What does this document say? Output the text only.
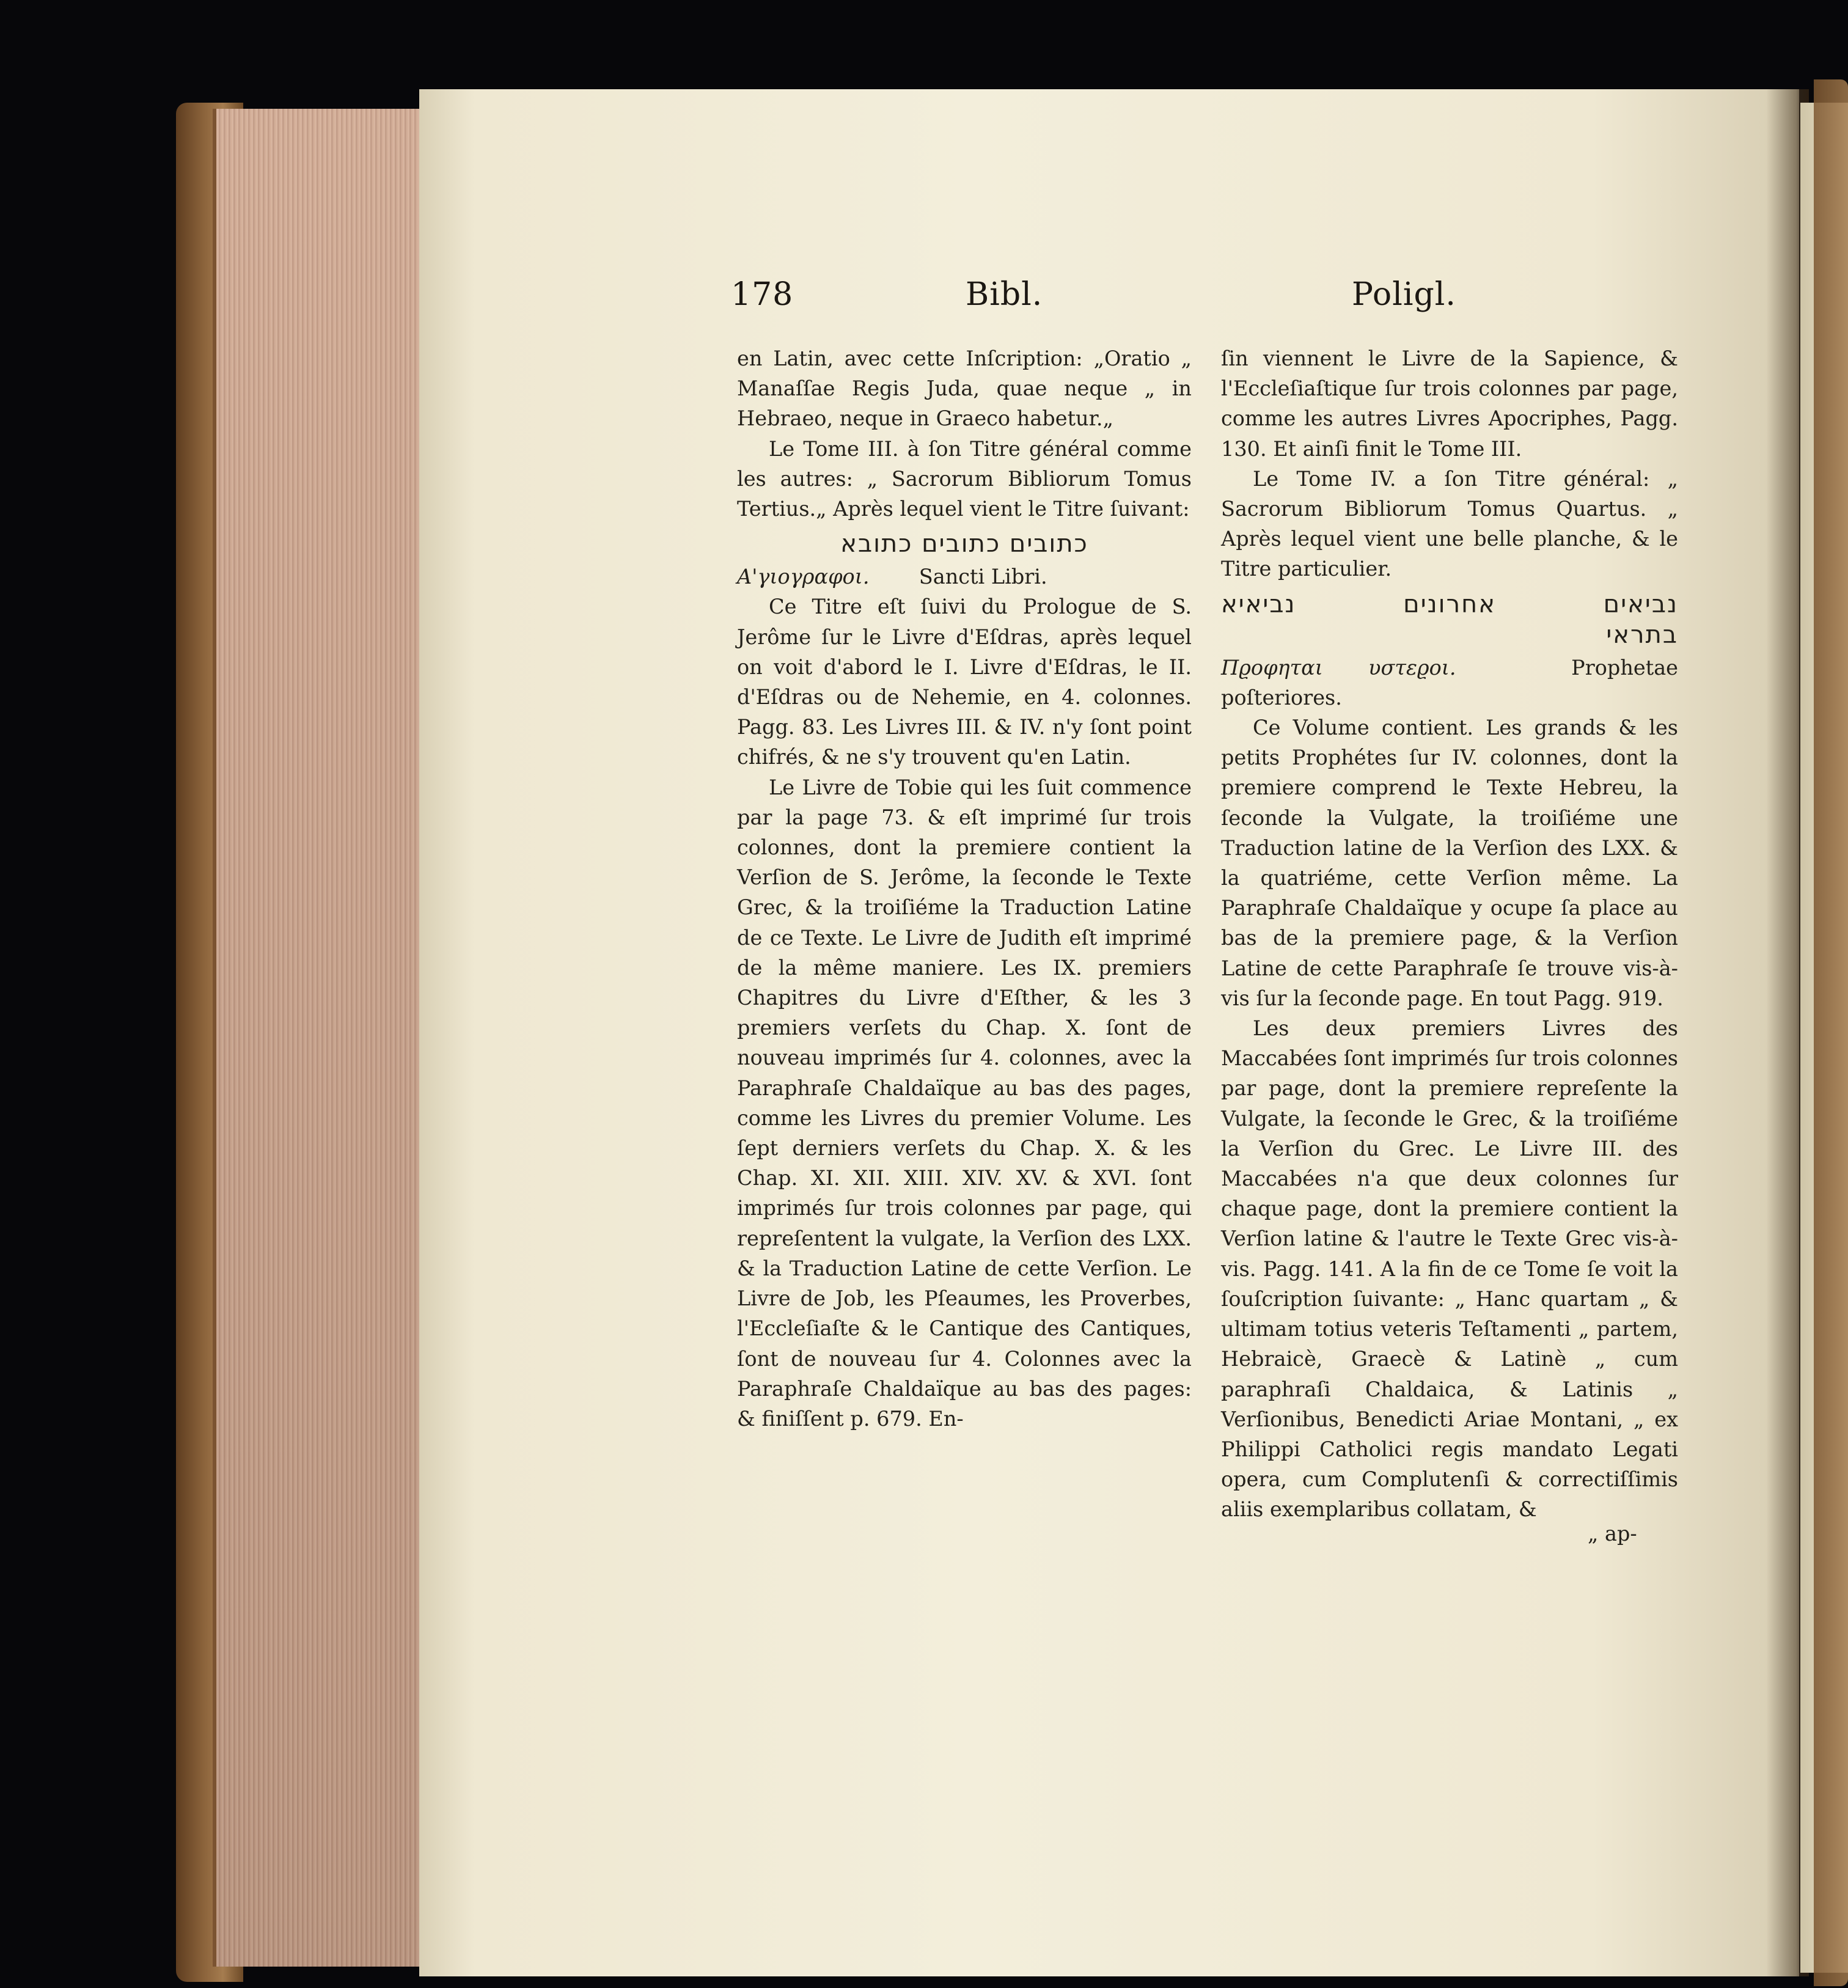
178	Bibl.	Poligl.

en Latin, avec cette Inſcription: „Oratio „ Manaſſae Regis Juda, quae neque „ in Hebraeo, neque in Graeco habetur.„

Le Tome III. à ſon Titre général comme les autres: „ Sacrorum Bibliorum Tomus Tertius.„ Après lequel vient le Titre ſuivant:

כתובים כתובים כתובא

Α'γιογραφοι. Sancti Libri.

Ce Titre eſt ſuivi du Prologue de S. Jerôme ſur le Livre d'Eſdras, après lequel on voit d'abord le I. Livre d'Eſdras, le II. d'Eſdras ou de Nehemie, en 4. colonnes. Pagg. 83. Les Livres III. & IV. n'y ſont point chifrés, & ne s'y trouvent qu'en Latin.

Le Livre de Tobie qui les ſuit commence par la page 73. & eſt imprimé ſur trois colonnes, dont la premiere contient la Verſion de S. Jerôme, la ſeconde le Texte Grec, & la troiſiéme la Traduction Latine de ce Texte. Le Livre de Judith eſt imprimé de la même maniere. Les IX. premiers Chapitres du Livre d'Eſther, & les 3 premiers verſets du Chap. X. ſont de nouveau imprimés ſur 4. colonnes, avec la Paraphraſe Chaldaïque au bas des pages, comme les Livres du premier Volume. Les ſept derniers verſets du Chap. X. & les Chap. XI. XII. XIII. XIV. XV. & XVI. ſont imprimés ſur trois colonnes par page, qui repreſentent la vulgate, la Verſion des LXX. & la Traduction Latine de cette Verſion. Le Livre de Job, les Pſeaumes, les Proverbes, l'Eccleſiaſte & le Cantique des Cantiques, ſont de nouveau ſur 4. Colonnes avec la Paraphraſe Chaldaïque au bas des pages: & finiſſent p. 679. En-

ſin viennent le Livre de la Sapience, & l'Eccleſiaſtique ſur trois colonnes par page, comme les autres Livres Apocriphes, Pagg. 130. Et ainſi finit le Tome III.

Le Tome IV. a ſon Titre général: „ Sacrorum Bibliorum Tomus Quartus. „ Après lequel vient une belle planche, & le Titre particulier.

נביאים אחרונים נביאיא
בתראי

Πϱοφηται υστεϱοι.	Prophetae poſteriores.

Ce Volume contient. Les grands & les petits Prophétes ſur IV. colonnes, dont la premiere comprend le Texte Hebreu, la ſeconde la Vulgate, la troiſiéme une Traduction latine de la Verſion des LXX. & la quatriéme, cette Verſion même. La Paraphraſe Chaldaïque y ocupe ſa place au bas de la premiere page, & la Verſion Latine de cette Paraphraſe ſe trouve vis-à-vis ſur la ſeconde page. En tout Pagg. 919.

Les deux premiers Livres des Maccabées ſont imprimés ſur trois colonnes par page, dont la premiere repreſente la Vulgate, la ſeconde le Grec, & la troiſiéme la Verſion du Grec. Le Livre III. des Maccabées n'a que deux colonnes ſur chaque page, dont la premiere contient la Verſion latine & l'autre le Texte Grec vis-à-vis. Pagg. 141. A la fin de ce Tome ſe voit la ſouſcription ſuivante: „ Hanc quartam „ & ultimam totius veteris Teſtamenti „ partem, Hebraicè, Graecè & Latinè „ cum paraphraſi Chaldaica, & Latinis „ Verſionibus, Benedicti Ariae Montani, „ ex Philippi Catholici regis mandato Legati opera, cum Complutenſi & correctiſſimis aliis exemplaribus collatam, &

„ ap-
